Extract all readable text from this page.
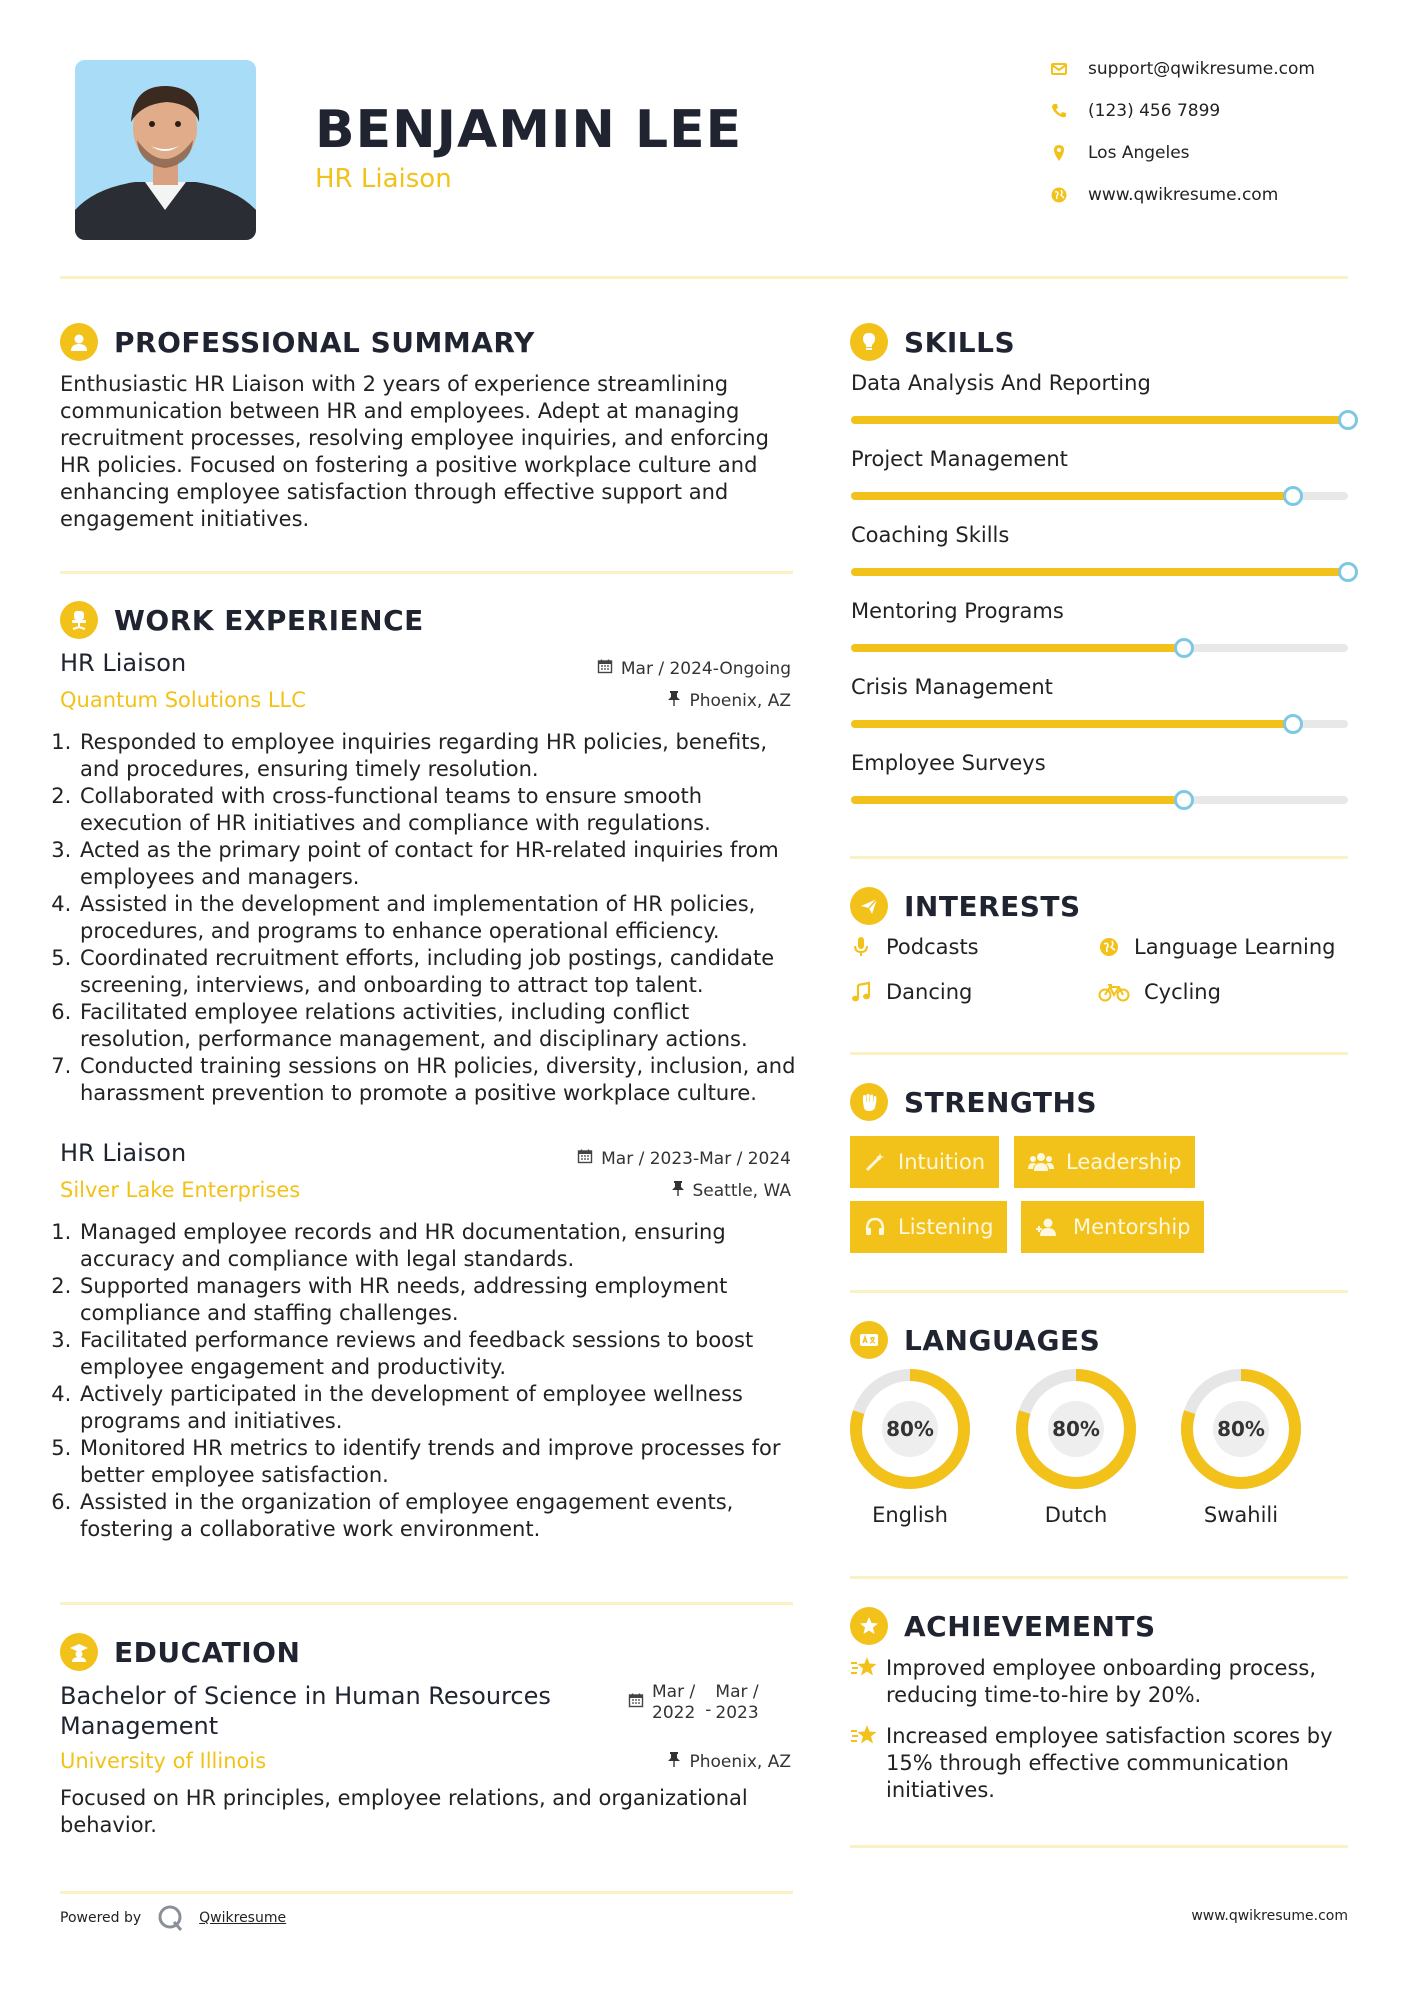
BENJAMIN LEE
HR Liaison
support@qwikresume.com
(123) 456 7899
Los Angeles
www.qwikresume.com
PROFESSIONAL SUMMARY
Enthusiastic HR Liaison with 2 years of experience streamlining communication between HR and employees. Adept at managing recruitment processes, resolving employee inquiries, and enforcing HR policies. Focused on fostering a positive workplace culture and enhancing employee satisfaction through effective support and engagement initiatives.
WORK EXPERIENCE
HR Liaison
Quantum Solutions LLC
Mar / 2024-Ongoing
Phoenix, AZ
1. Responded to employee inquiries regarding HR policies, benefits, and procedures, ensuring timely resolution.
2. Collaborated with cross-functional teams to ensure smooth execution of HR initiatives and compliance with regulations.
3. Acted as the primary point of contact for HR-related inquiries from employees and managers.
4. Assisted in the development and implementation of HR policies, procedures, and programs to enhance operational efficiency.
5. Coordinated recruitment efforts, including job postings, candidate screening, interviews, and onboarding to attract top talent.
6. Facilitated employee relations activities, including conflict resolution, performance management, and disciplinary actions.
7. Conducted training sessions on HR policies, diversity, inclusion, and harassment prevention to promote a positive workplace culture.
HR Liaison
Silver Lake Enterprises
Mar / 2023-Mar / 2024
Seattle, WA
1. Managed employee records and HR documentation, ensuring accuracy and compliance with legal standards.
2. Supported managers with HR needs, addressing employment compliance and staffing challenges.
3. Facilitated performance reviews and feedback sessions to boost employee engagement and productivity.
4. Actively participated in the development of employee wellness programs and initiatives.
5. Monitored HR metrics to identify trends and improve processes for better employee satisfaction.
6. Assisted in the organization of employee engagement events, fostering a collaborative work environment.
EDUCATION
Bachelor of Science in Human Resources Management
Mar /
2022 -
Mar /
2023
University of Illinois	Phoenix, AZ
Focused on HR principles, employee relations, and organizational behavior.
Powered by	Qwikresume	www.qwikresume.com
SKILLS
Data Analysis And Reporting
Project Management
Coaching Skills
Mentoring Programs
Crisis Management
Employee Surveys
INTERESTS
Podcasts	Language Learning
Dancing	Cycling
STRENGTHS
Intuition	Leadership
Listening	Mentorship
LANGUAGES
80%
English
80%
Dutch
80%
Swahili
ACHIEVEMENTS
Improved employee onboarding process, reducing time-to-hire by 20%.
Increased employee satisfaction scores by 15% through effective communication initiatives.
